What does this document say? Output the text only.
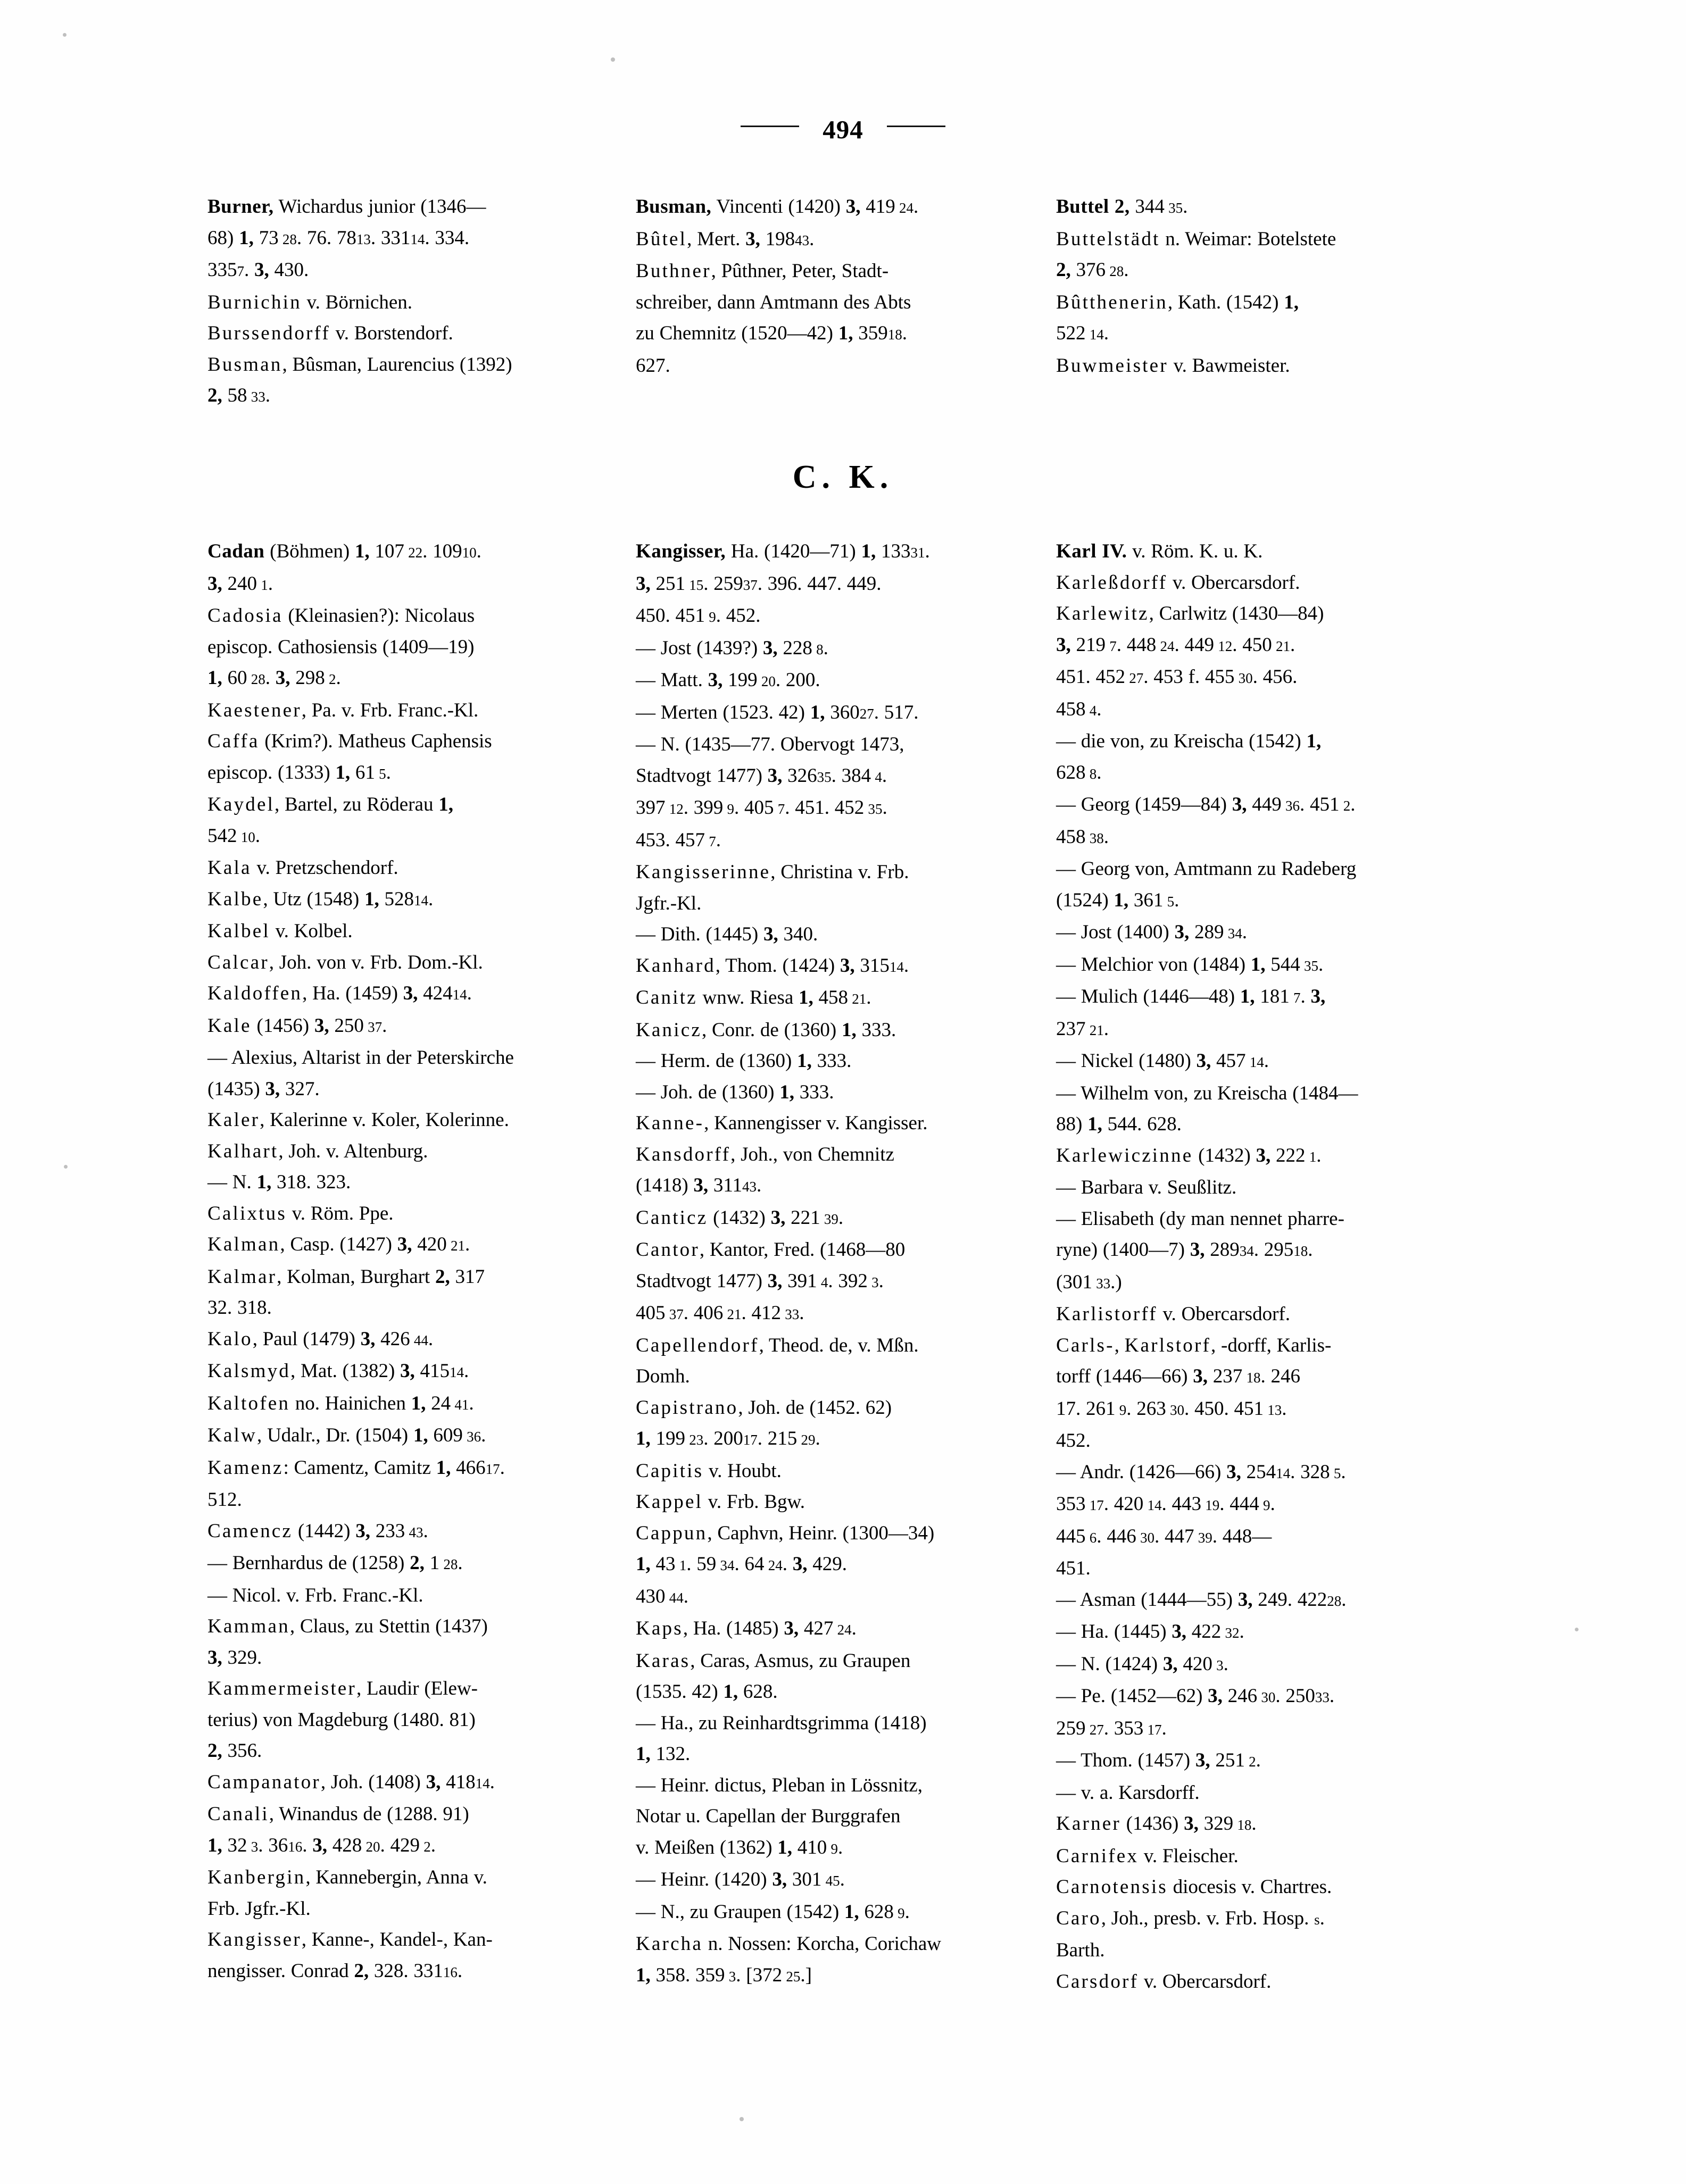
494
C. K.
Burner, Wichardus junior (1346—
68) 1, 73 28. 76. 7813. 33114. 334.
3357. 3, 430.
Burnichin v. Börnichen.
Burssendorff v. Borstendorf.
Busman, Bûsman, Laurencius (1392)
2, 58 33.
Cadan (Böhmen) 1, 107 22. 10910.
3, 240 1.
Cadosia (Kleinasien?): Nicolaus
episcop. Cathosiensis (1409—19)
1, 60 28. 3, 298 2.
Kaestener, Pa. v. Frb. Franc.-Kl.
Caffa (Krim?). Matheus Caphensis
episcop. (1333) 1, 61 5.
Kaydel, Bartel, zu Röderau 1,
542 10.
Kala v. Pretzschendorf.
Kalbe, Utz (1548) 1, 52814.
Kalbel v. Kolbel.
Calcar, Joh. von v. Frb. Dom.-Kl.
Kaldoffen, Ha. (1459) 3, 42414.
Kale (1456) 3, 250 37.
— Alexius, Altarist in der Peterskirche
(1435) 3, 327.
Kaler, Kalerinne v. Koler, Kolerinne.
Kalhart, Joh. v. Altenburg.
— N. 1, 318. 323.
Calixtus v. Röm. Ppe.
Kalman, Casp. (1427) 3, 420 21.
Kalmar, Kolman, Burghart 2, 317
32. 318.
Kalo, Paul (1479) 3, 426 44.
Kalsmyd, Mat. (1382) 3, 41514.
Kaltofen no. Hainichen 1, 24 41.
Kalw, Udalr., Dr. (1504) 1, 609 36.
Kamenz: Camentz, Camitz 1, 46617.
512.
Camencz (1442) 3, 233 43.
— Bernhardus de (1258) 2, 1 28.
— Nicol. v. Frb. Franc.-Kl.
Kamman, Claus, zu Stettin (1437)
3, 329.
Kammermeister, Laudir (Elew-
terius) von Magdeburg (1480. 81)
2, 356.
Campanator, Joh. (1408) 3, 41814.
Canali, Winandus de (1288. 91)
1, 32 3. 3616. 3, 428 20. 429 2.
Kanbergin, Kannebergin, Anna v.
Frb. Jgfr.-Kl.
Kangisser, Kanne-, Kandel-, Kan-
nengisser. Conrad 2, 328. 33116.
Busman, Vincenti (1420) 3, 419 24.
Bûtel, Mert. 3, 19843.
Buthner, Pûthner, Peter, Stadt-
schreiber, dann Amtmann des Abts
zu Chemnitz (1520—42) 1, 35918.
627.
Kangisser, Ha. (1420—71) 1, 13331.
3, 251 15. 25937. 396. 447. 449.
450. 451 9. 452.
— Jost (1439?) 3, 228 8.
— Matt. 3, 199 20. 200.
— Merten (1523. 42) 1, 36027. 517.
— N. (1435—77. Obervogt 1473,
Stadtvogt 1477) 3, 32635. 384 4.
397 12. 399 9. 405 7. 451. 452 35.
453. 457 7.
Kangisserinne, Christina v. Frb.
Jgfr.-Kl.
— Dith. (1445) 3, 340.
Kanhard, Thom. (1424) 3, 31514.
Canitz wnw. Riesa 1, 458 21.
Kanicz, Conr. de (1360) 1, 333.
— Herm. de (1360) 1, 333.
— Joh. de (1360) 1, 333.
Kanne-, Kannengisser v. Kangisser.
Kansdorff, Joh., von Chemnitz
(1418) 3, 31143.
Canticz (1432) 3, 221 39.
Cantor, Kantor, Fred. (1468—80
Stadtvogt 1477) 3, 391 4. 392 3.
405 37. 406 21. 412 33.
Capellendorf, Theod. de, v. Mßn.
Domh.
Capistrano, Joh. de (1452. 62)
1, 199 23. 20017. 215 29.
Capitis v. Houbt.
Kappel v. Frb. Bgw.
Cappun, Caphvn, Heinr. (1300—34)
1, 43 1. 59 34. 64 24. 3, 429.
430 44.
Kaps, Ha. (1485) 3, 427 24.
Karas, Caras, Asmus, zu Graupen
(1535. 42) 1, 628.
— Ha., zu Reinhardtsgrimma (1418)
1, 132.
— Heinr. dictus, Pleban in Lössnitz,
Notar u. Capellan der Burggrafen
v. Meißen (1362) 1, 410 9.
— Heinr. (1420) 3, 301 45.
— N., zu Graupen (1542) 1, 628 9.
Karcha n. Nossen: Korcha, Corichaw
1, 358. 359 3. [372 25.]
Buttel 2, 344 35.
Buttelstädt n. Weimar: Botelstete
2, 376 28.
Bûtthenerin, Kath. (1542) 1,
522 14.
Buwmeister v. Bawmeister.
Karl IV. v. Röm. K. u. K.
Karleßdorff v. Obercarsdorf.
Karlewitz, Carlwitz (1430—84)
3, 219 7. 448 24. 449 12. 450 21.
451. 452 27. 453 f. 455 30. 456.
458 4.
— die von, zu Kreischa (1542) 1,
628 8.
— Georg (1459—84) 3, 449 36. 451 2.
458 38.
— Georg von, Amtmann zu Radeberg
(1524) 1, 361 5.
— Jost (1400) 3, 289 34.
— Melchior von (1484) 1, 544 35.
— Mulich (1446—48) 1, 181 7. 3,
237 21.
— Nickel (1480) 3, 457 14.
— Wilhelm von, zu Kreischa (1484—
88) 1, 544. 628.
Karlewiczinne (1432) 3, 222 1.
— Barbara v. Seußlitz.
— Elisabeth (dy man nennet pharre-
ryne) (1400—7) 3, 28934. 29518.
(301 33.)
Karlistorff v. Obercarsdorf.
Carls-, Karlstorf, -dorff, Karlis-
torff (1446—66) 3, 237 18. 246
17. 261 9. 263 30. 450. 451 13.
452.
— Andr. (1426—66) 3, 25414. 328 5.
353 17. 420 14. 443 19. 444 9.
445 6. 446 30. 447 39. 448—
451.
— Asman (1444—55) 3, 249. 42228.
— Ha. (1445) 3, 422 32.
— N. (1424) 3, 420 3.
— Pe. (1452—62) 3, 246 30. 25033.
259 27. 353 17.
— Thom. (1457) 3, 251 2.
— v. a. Karsdorff.
Karner (1436) 3, 329 18.
Carnifex v. Fleischer.
Carnotensis diocesis v. Chartres.
Caro, Joh., presb. v. Frb. Hosp. s.
Barth.
Carsdorf v. Obercarsdorf.
